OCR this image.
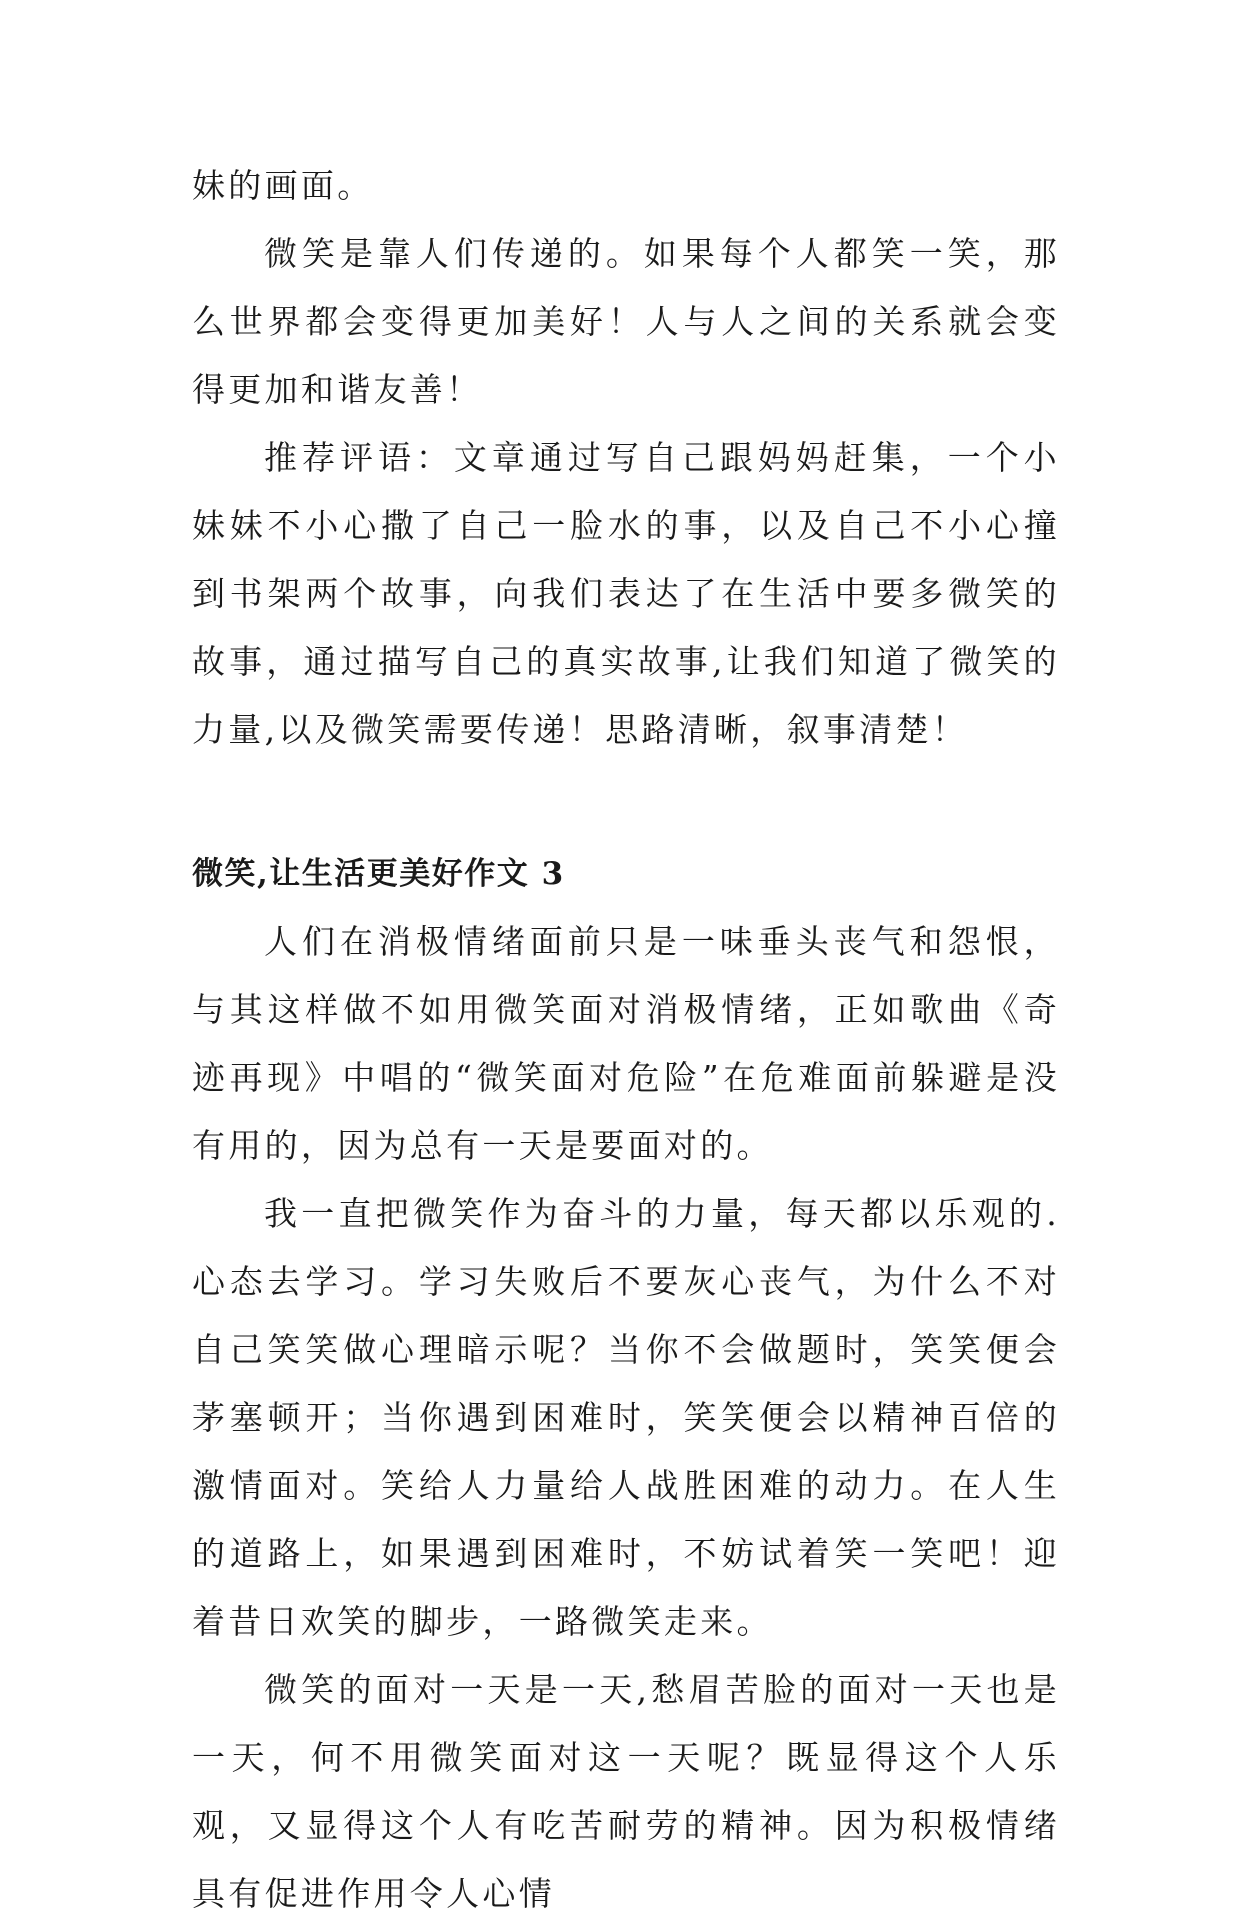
妹的画面。

微笑是靠人们传递的。如果每个人都笑一笑，那么世界都会变得更加美好！人与人之间的关系就会变得更加和谐友善！

推荐评语：文章通过写自己跟妈妈赶集，一个小妹妹不小心撒了自己一脸水的事，以及自己不小心撞到书架两个故事，向我们表达了在生活中要多微笑的故事，通过描写自己的真实故事,让我们知道了微笑的力量,以及微笑需要传递！思路清晰，叙事清楚！

微笑,让生活更美好作文 3

人们在消极情绪面前只是一味垂头丧气和怨恨，与其这样做不如用微笑面对消极情绪，正如歌曲《奇迹再现》中唱的“微笑面对危险”在危难面前躲避是没有用的，因为总有一天是要面对的。

我一直把微笑作为奋斗的力量，每天都以乐观的.心态去学习。学习失败后不要灰心丧气，为什么不对自己笑笑做心理暗示呢？当你不会做题时，笑笑便会茅塞顿开；当你遇到困难时，笑笑便会以精神百倍的激情面对。笑给人力量给人战胜困难的动力。在人生的道路上，如果遇到困难时，不妨试着笑一笑吧！迎着昔日欢笑的脚步，一路微笑走来。

微笑的面对一天是一天,愁眉苦脸的面对一天也是一天，何不用微笑面对这一天呢？既显得这个人乐观，又显得这个人有吃苦耐劳的精神。因为积极情绪具有促进作用令人心情
